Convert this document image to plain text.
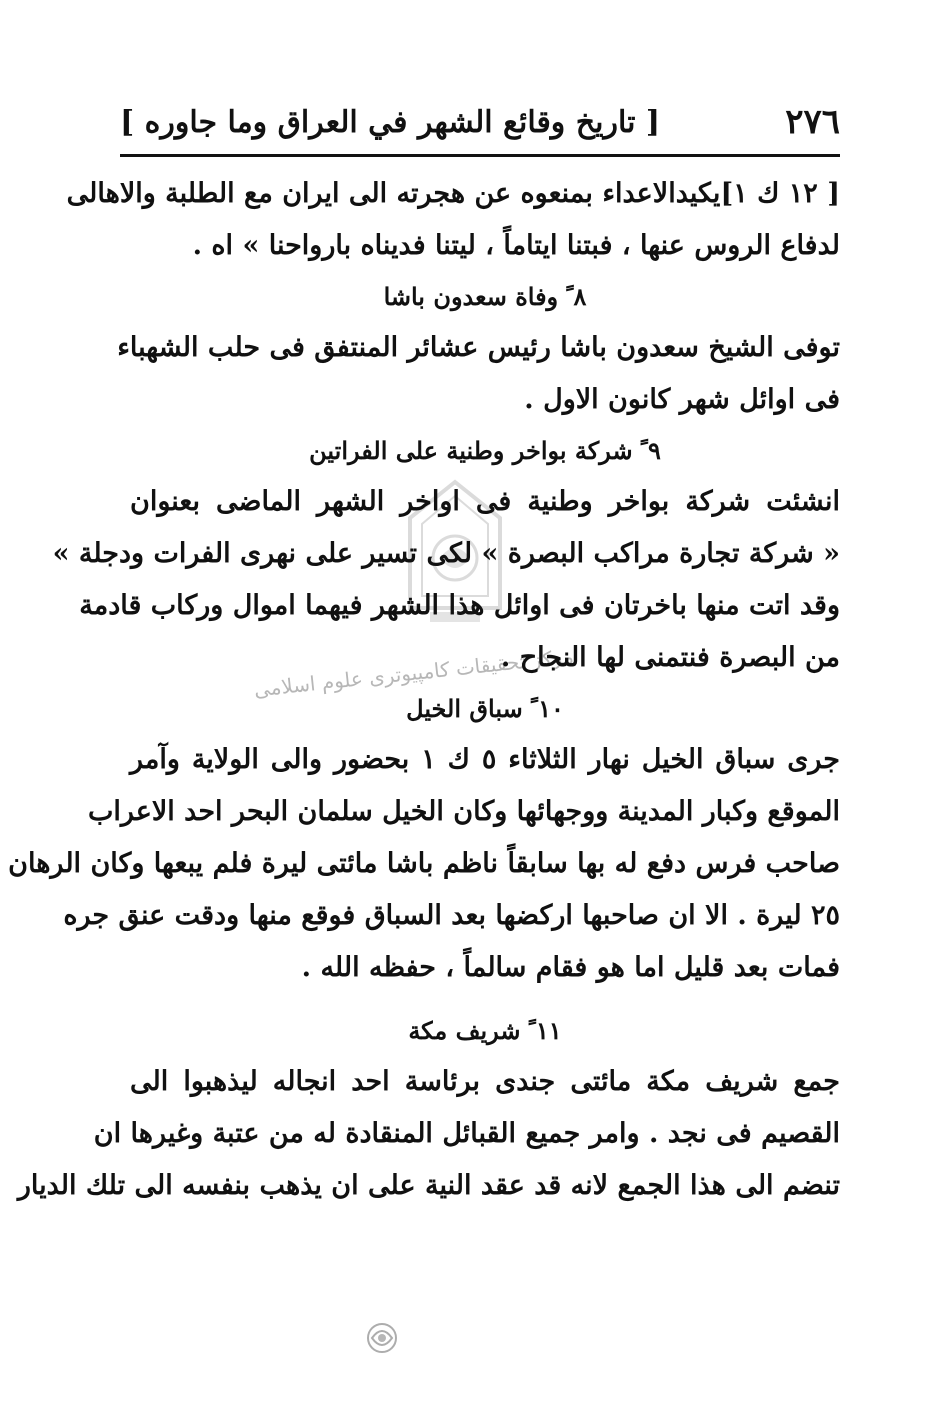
٢٧٦
[ تاريخ وقائع الشهر في العراق وما جاوره ]
مركز تحقيقات كامپيوتری علوم اسلامی
[ ١٢ ك ١]يكيدالاعداء بمنعوه عن هجرته الى ايران مع الطلبة والاهالى
لدفاع الروس عنها ، فبتنا ايتاماً ، ليتنا فديناه بارواحنا » اه .
٨ ً وفاة سعدون باشا
توفى الشيخ سعدون باشا رئيس عشائر المنتفق فى حلب الشهباء
فى اوائل شهر كانون الاول .
٩ ً شركة بواخر وطنية على الفراتين
انشئت شركة بواخر وطنية فى اواخر الشهر الماضى بعنوان
« شركة تجارة مراكب البصرة » لكى تسير على نهرى الفرات ودجلة »
وقد اتت منها باخرتان فى اوائل هذا الشهر فيهما اموال وركاب قادمة
من البصرة فنتمنى لها النجاح .
١٠ ً سباق الخيل
جرى سباق الخيل نهار الثلاثاء ٥ ك ١ بحضور والى الولاية وآمر
الموقع وكبار المدينة ووجهائها وكان الخيل سلمان البحر احد الاعراب
صاحب فرس دفع له بها سابقاً ناظم باشا مائتى ليرة فلم يبعها وكان الرهان
٢٥ ليرة . الا ان صاحبها اركضها بعد السباق فوقع منها ودقت عنق جره
فمات بعد قليل اما هو فقام سالماً ، حفظه الله .
١١ ً شريف مكة
جمع شريف مكة مائتى جندى برئاسة احد انجاله ليذهبوا الى
القصيم فى نجد . وامر جميع القبائل المنقادة له من عتبة وغيرها ان
تنضم الى هذا الجمع لانه قد عقد النية على ان يذهب بنفسه الى تلك الديار
